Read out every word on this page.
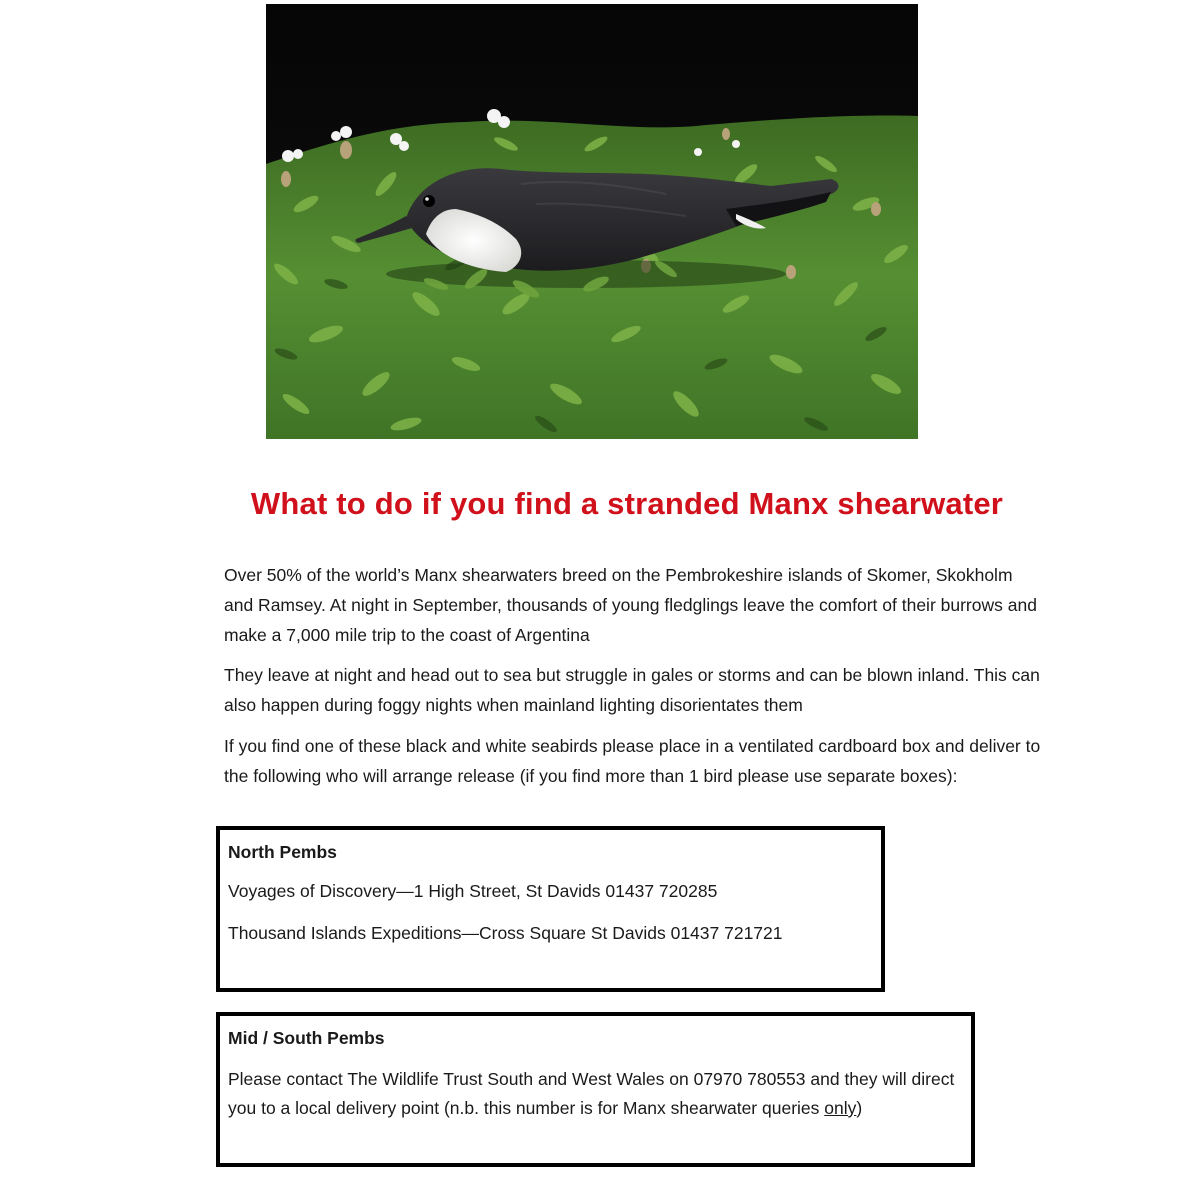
What to do if you find a stranded Manx shearwater

Over 50% of the world’s Manx shearwaters breed on the Pembrokeshire islands of Skomer, Skokholm and Ramsey. At night in September, thousands of young fledglings leave the comfort of their burrows and make a 7,000 mile trip to the coast of Argentina

They leave at night and head out to sea but struggle in gales or storms and can be blown inland. This can also happen during foggy nights when mainland lighting disorientates them

If you find one of these black and white seabirds please place in a ventilated cardboard box and deliver to the following who will arrange release (if you find more than 1 bird please use separate boxes):

North Pembs

Voyages of Discovery—1 High Street, St Davids 01437 720285

Thousand Islands Expeditions—Cross Square St Davids 01437 721721

Mid / South Pembs

Please contact The Wildlife Trust South and West Wales on 07970 780553 and they will direct you to a local delivery point (n.b. this number is for Manx shearwater queries only)
